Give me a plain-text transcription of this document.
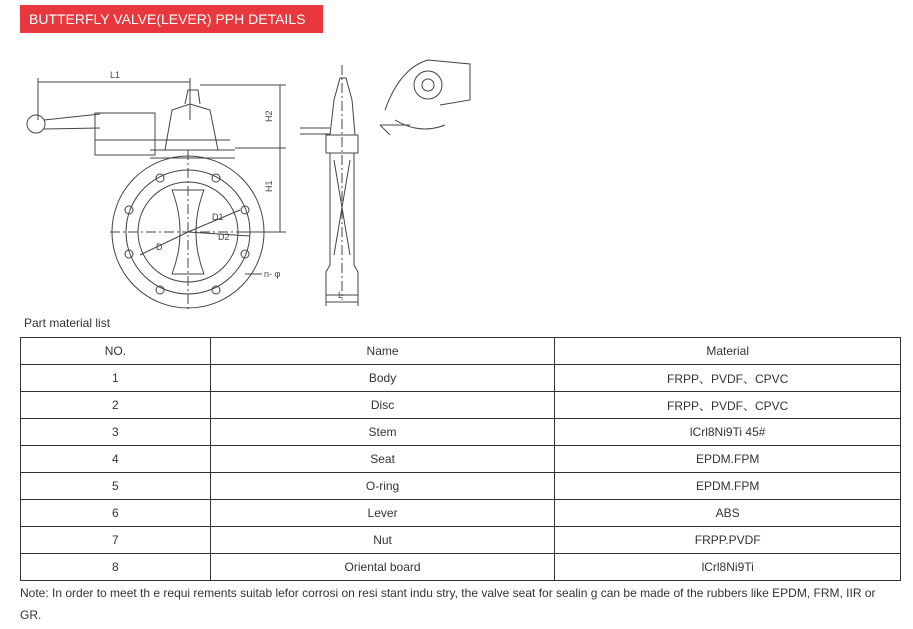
BUTTERFLY VALVE(LEVER) PPH DETAILS
L1
H2
H1
D1
D2
D
n- φ
L
Part material list
NO.	Name	Material
1	Body	FRPP、PVDF、CPVC
2	Disc	FRPP、PVDF、CPVC
3	Stem	lCrl8Ni9Ti 45#
4	Seat	EPDM.FPM
5	O-ring	EPDM.FPM
6	Lever	ABS
7	Nut	FRPP.PVDF
8	Oriental board	lCrl8Ni9Ti
Note: In order to meet th e requi rements suitab lefor corrosi on resi stant indu stry, the valve seat for sealin g can be made of the rubbers like EPDM, FRM, IIR or GR.
